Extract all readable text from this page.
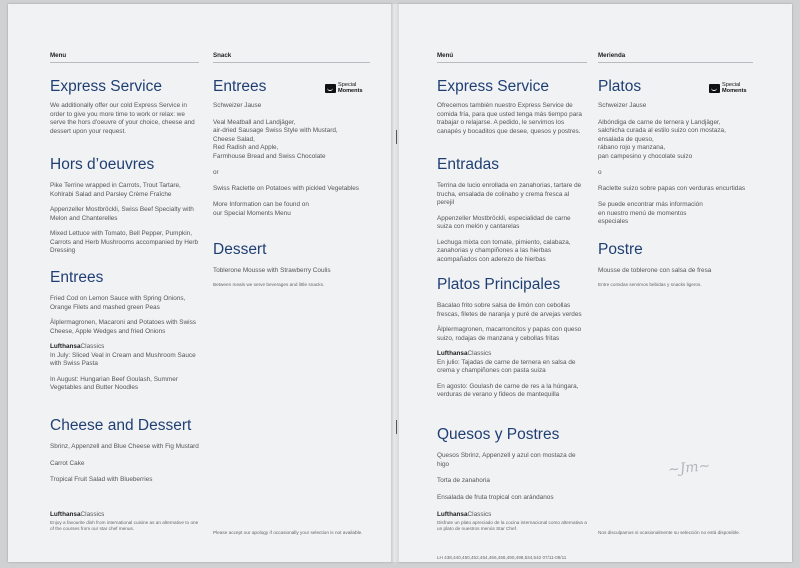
Menu
Express Service

We additionally offer our cold Express Service in order to give you more time to work or relax: we serve the hors d'oeuvre of your choice, cheese and dessert upon your request.

Hors d’oeuvres

Pike Terrine wrapped in Carrots, Trout Tartare, Kohlrabi Salad and Parsley Crème Fraîche

Appenzeller Mostbröckli, Swiss Beef Specialty with Melon and Chanterelles

Mixed Lettuce with Tomato, Bell Pepper, Pumpkin, Carrots and Herb Mushrooms accompanied by Herb Dressing

Entrees

Fried Cod on Lemon Sauce with Spring Onions, Orange Filets and mashed green Peas

Älplermagronen, Macaroni and Potatoes with Swiss Cheese, Apple Wedges and fried Onions

LufthansaClassics

In July: Sliced Veal in Cream and Mushroom Sauce with Swiss Pasta

In August: Hungarian Beef Goulash, Summer Vegetables and Butter Noodles

Cheese and Dessert

Sbrinz, Appenzell and Blue Cheese with Fig Mustard

Carrot Cake

Tropical Fruit Salad with Blueberries

LufthansaClassics

Enjoy a favourite dish from international cuisine as an alternative to one of the courses from our star chef menus.

Snack
Special
Moments
Entrees

Schweizer Jause

Veal Meatball and Landjäger,

air-dried Sausage Swiss Style with Mustard,

Cheese Salad,

Red Radish and Apple,

Farmhouse Bread and Swiss Chocolate

or

Swiss Raclette on Potatoes with pickled Vegetables

More Information can be found on our Special Moments Menu

Dessert

Toblerone Mousse with Strawberry Coulis

Between meals we serve beverages and little snacks.

Please accept our apology if occasionally your selection is not available.

Menú
Express Service

Ofrecemos también nuestro Express Service de comida fría, para que usted tenga más tiempo para trabajar o relajarse. A pedido, le servimos los canapés y bocaditos que desee, quesos y postres.

Entradas

Terrina de lucio enrollada en zanahorias, tartare de trucha, ensalada de colinabo y crema fresca al perejil

Appenzeller Mostbröckli, especialidad de carne suiza con melón y cantarelas

Lechuga mixta con tomate, pimiento, calabaza, zanahorias y champiñones a las hierbas acompañados con aderezo de hierbas

Platos Principales

Bacalao frito sobre salsa de limón con cebollas frescas, filetes de naranja y puré de arvejas verdes

Älplermagronen, macarroncitos y papas con queso suizo, rodajas de manzana y cebollas fritas

LufthansaClassics

En julio: Tajadas de carne de ternera en salsa de crema y champiñones con pasta suiza

En agosto: Goulash de carne de res a la húngara, verduras de verano y fideos de mantequilla

Quesos y Postres

Quesos Sbrinz, Appenzell y azul con mostaza de higo

Torta de zanahoria

Ensalada de fruta tropical con arándanos

LufthansaClassics

Disfrute un plato apreciado de la cocina internacional como alternativa a un plato de nuestros menús Star Chef.

LH 438,440,450,452,454,456,458,490,498,534,542 07/11-08/11
Merienda
Special
Moments
Platos

Schweizer Jause

Albóndiga de carne de ternera y Landjäger,

salchicha curada al estilo suizo con mostaza,

ensalada de queso,

rábano rojo y manzana,

pan campesino y chocolate suizo

o

Raclette suizo sobre papas con verduras encurtidas

Se puede encontrar más información en nuestro menú de momentos especiales

Postre

Mousse de toblerone con salsa de fresa

Entre comidas servimos bebidas y snacks ligeros.

~Jm~

Nos disculpamos si ocasionalmente su selección no está disponible.
